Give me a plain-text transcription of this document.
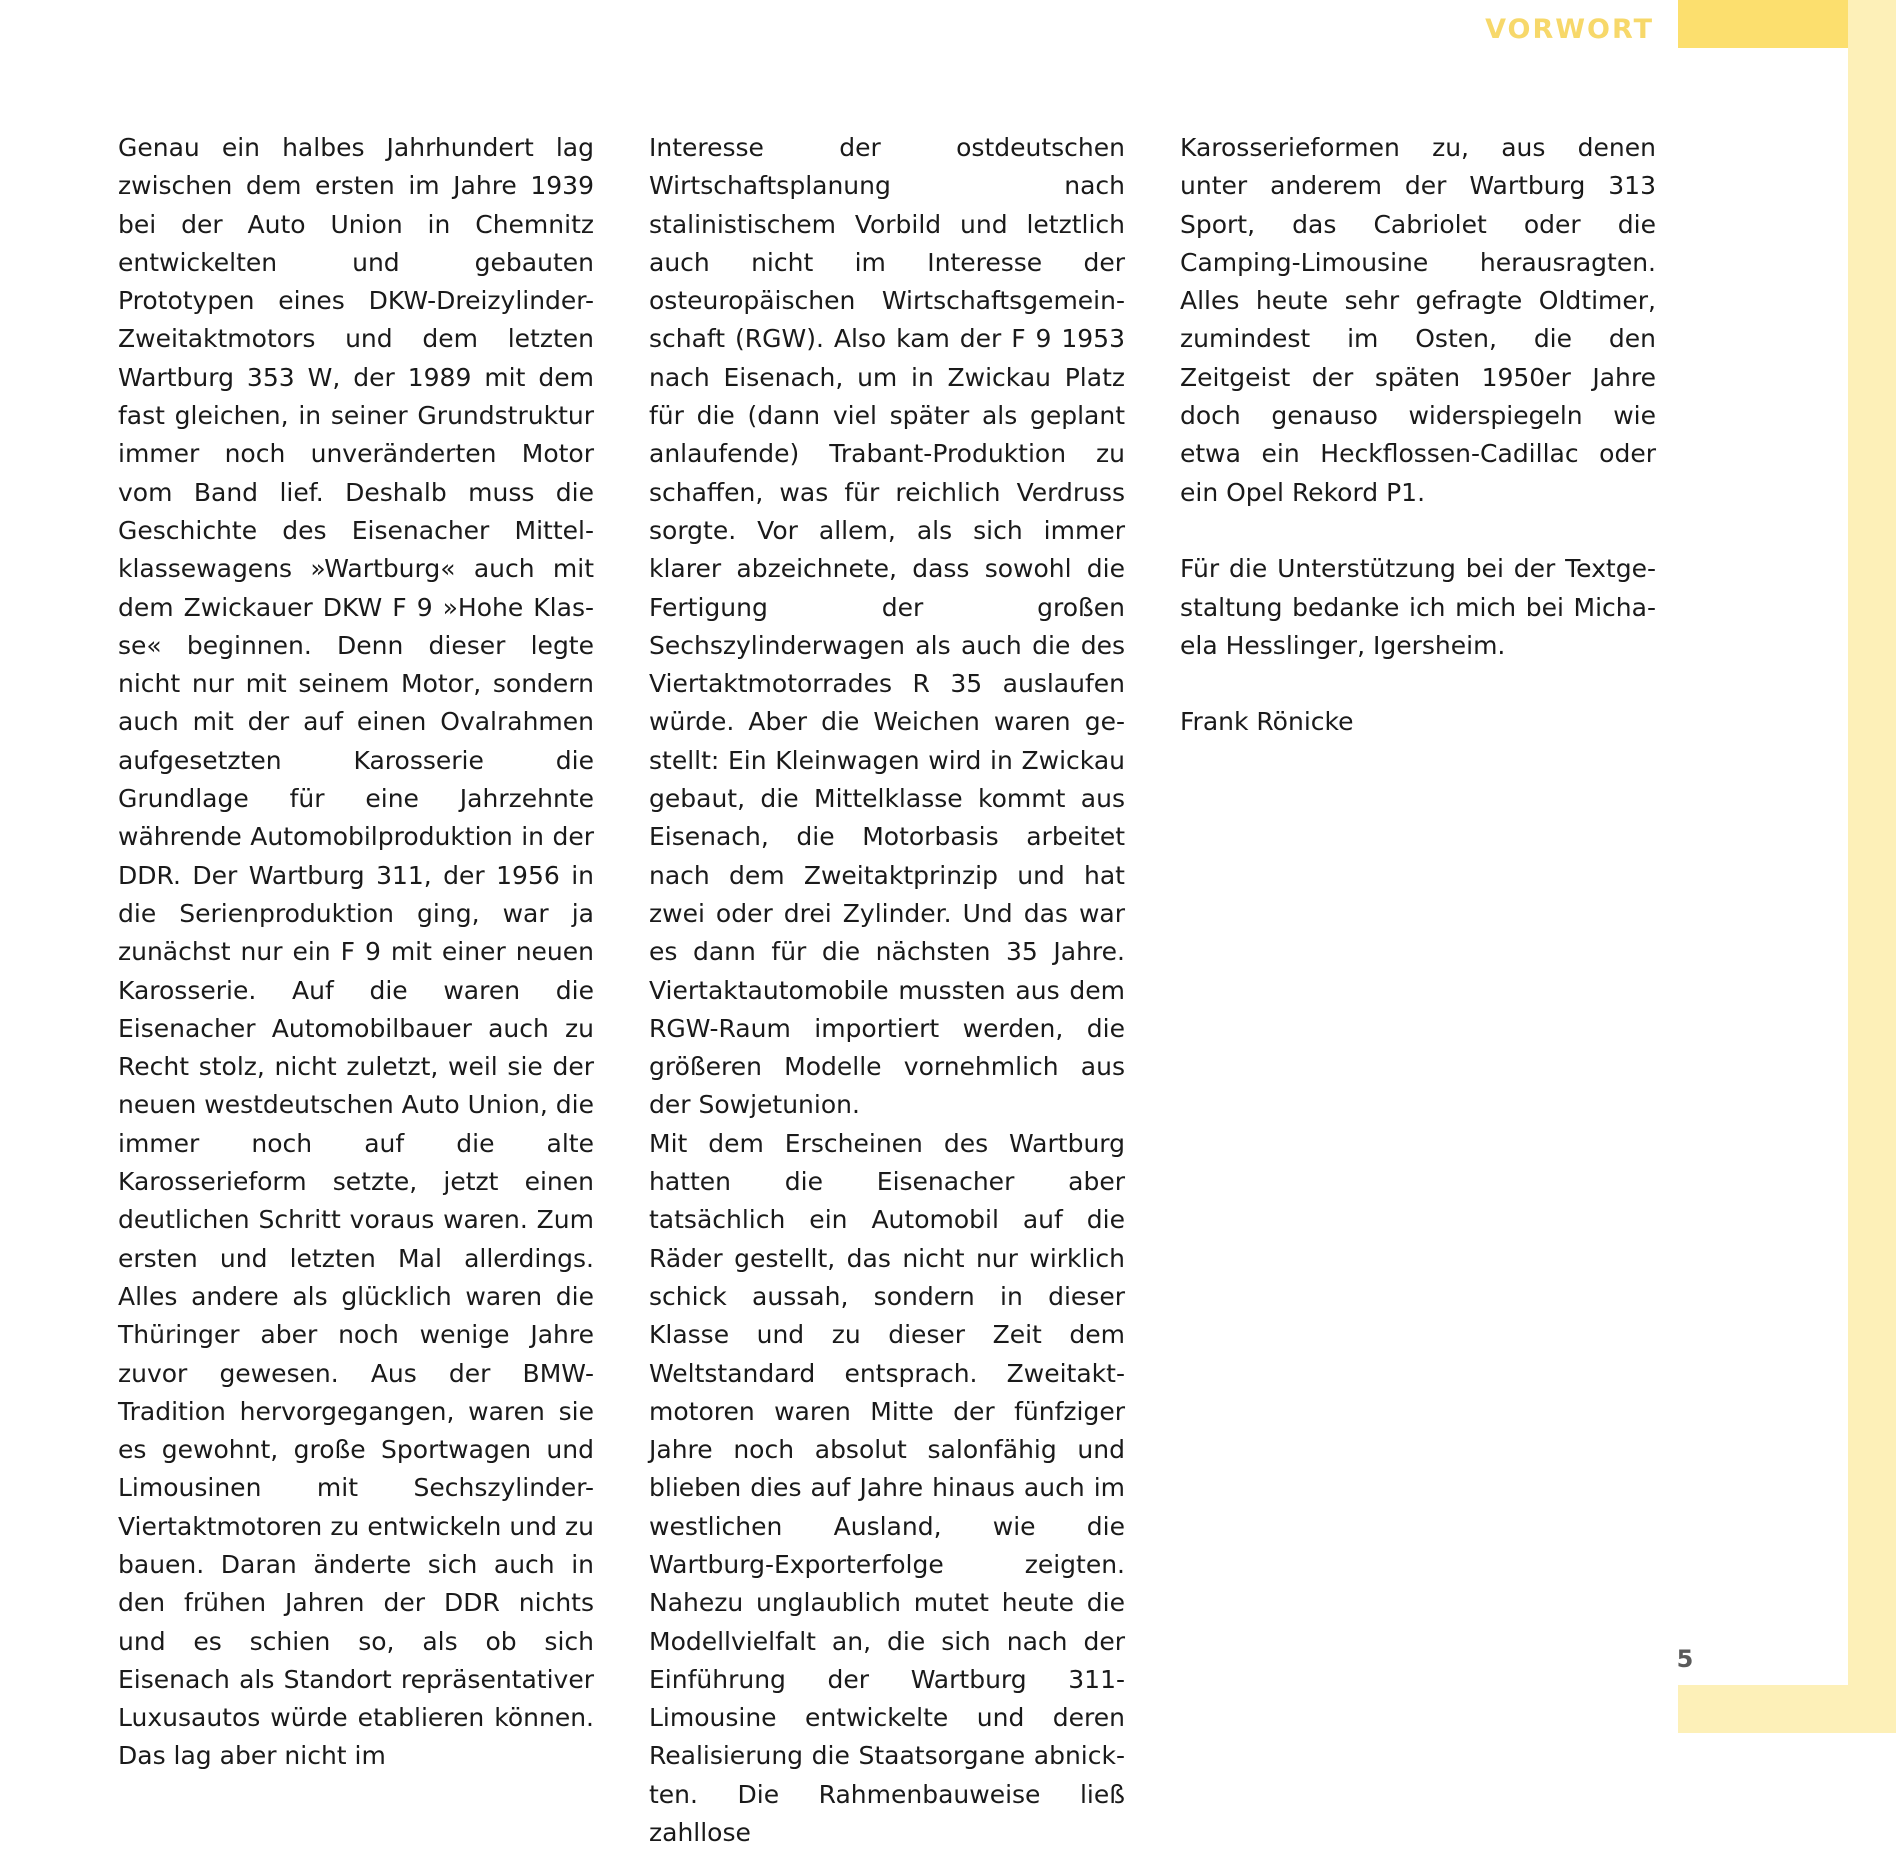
VORWORT

Genau ein halbes Jahrhundert lag zwischen dem ersten im Jahre 1939 bei der Auto Union in Chemnitz entwickelten und gebauten Prototypen eines DKW-Dreizylinder-Zweitaktmotors und dem letzten Wartburg 353 W, der 1989 mit dem fast gleichen, in seiner Grundstruktur immer noch unveränderten Motor vom Band lief. Deshalb muss die Geschichte des Eisenacher Mittelklassewagens »Wartburg« auch mit dem Zwickauer DKW F 9 »Hohe Klasse« beginnen. Denn dieser legte nicht nur mit seinem Motor, sondern auch mit der auf einen Ovalrahmen aufgesetzten Karosserie die Grundlage für eine Jahrzehnte währende Automobilproduktion in der DDR. Der Wartburg 311, der 1956 in die Serienproduktion ging, war ja zunächst nur ein F 9 mit einer neuen Karosserie. Auf die waren die Eisenacher Automobilbauer auch zu Recht stolz, nicht zuletzt, weil sie der neuen westdeutschen Auto Union, die immer noch auf die alte Karosserieform setzte, jetzt einen deutlichen Schritt voraus waren. Zum ersten und letzten Mal allerdings. Alles andere als glücklich waren die Thüringer aber noch wenige Jahre zuvor gewesen. Aus der BMW-Tradition hervorgegangen, waren sie es gewohnt, große Sportwagen und Limousinen mit Sechszylinder-Viertaktmotoren zu entwickeln und zu bauen. Daran änderte sich auch in den frühen Jahren der DDR nichts und es schien so, als ob sich Eisenach als Standort repräsentativer Luxusautos würde etablieren können. Das lag aber nicht im

Interesse der ostdeutschen Wirtschaftsplanung nach stalinistischem Vorbild und letztlich auch nicht im Interesse der osteuropäischen Wirtschaftsgemeinschaft (RGW). Also kam der F 9 1953 nach Eisenach, um in Zwickau Platz für die (dann viel später als geplant anlaufende) Trabant-Produktion zu schaffen, was für reichlich Verdruss sorgte. Vor allem, als sich immer klarer abzeichnete, dass sowohl die Fertigung der großen Sechszylinderwagen als auch die des Viertaktmotorrades R 35 auslaufen würde. Aber die Weichen waren gestellt: Ein Kleinwagen wird in Zwickau gebaut, die Mittelklasse kommt aus Eisenach, die Motorbasis arbeitet nach dem Zweitaktprinzip und hat zwei oder drei Zylinder. Und das war es dann für die nächsten 35 Jahre. Viertaktautomobile mussten aus dem RGW-Raum importiert werden, die größeren Modelle vornehmlich aus der Sowjetunion.

Mit dem Erscheinen des Wartburg hatten die Eisenacher aber tatsächlich ein Automobil auf die Räder gestellt, das nicht nur wirklich schick aussah, sondern in dieser Klasse und zu dieser Zeit dem Weltstandard entsprach. Zweitaktmotoren waren Mitte der fünfziger Jahre noch absolut salonfähig und blieben dies auf Jahre hinaus auch im westlichen Ausland, wie die Wartburg-Exporterfolge zeigten. Nahezu unglaublich mutet heute die Modellvielfalt an, die sich nach der Einführung der Wartburg 311-Limousine entwickelte und deren Realisierung die Staatsorgane abnickten. Die Rahmenbauweise ließ zahllose

Karosserieformen zu, aus denen unter anderem der Wartburg 313 Sport, das Cabriolet oder die Camping-Limousine herausragten. Alles heute sehr gefragte Oldtimer, zumindest im Osten, die den Zeitgeist der späten 1950er Jahre doch genauso widerspiegeln wie etwa ein Heckflossen-Cadillac oder ein Opel Rekord P1.

Für die Unterstützung bei der Textgestaltung bedanke ich mich bei Michaela Hesslinger, Igersheim.

Frank Rönicke

5
